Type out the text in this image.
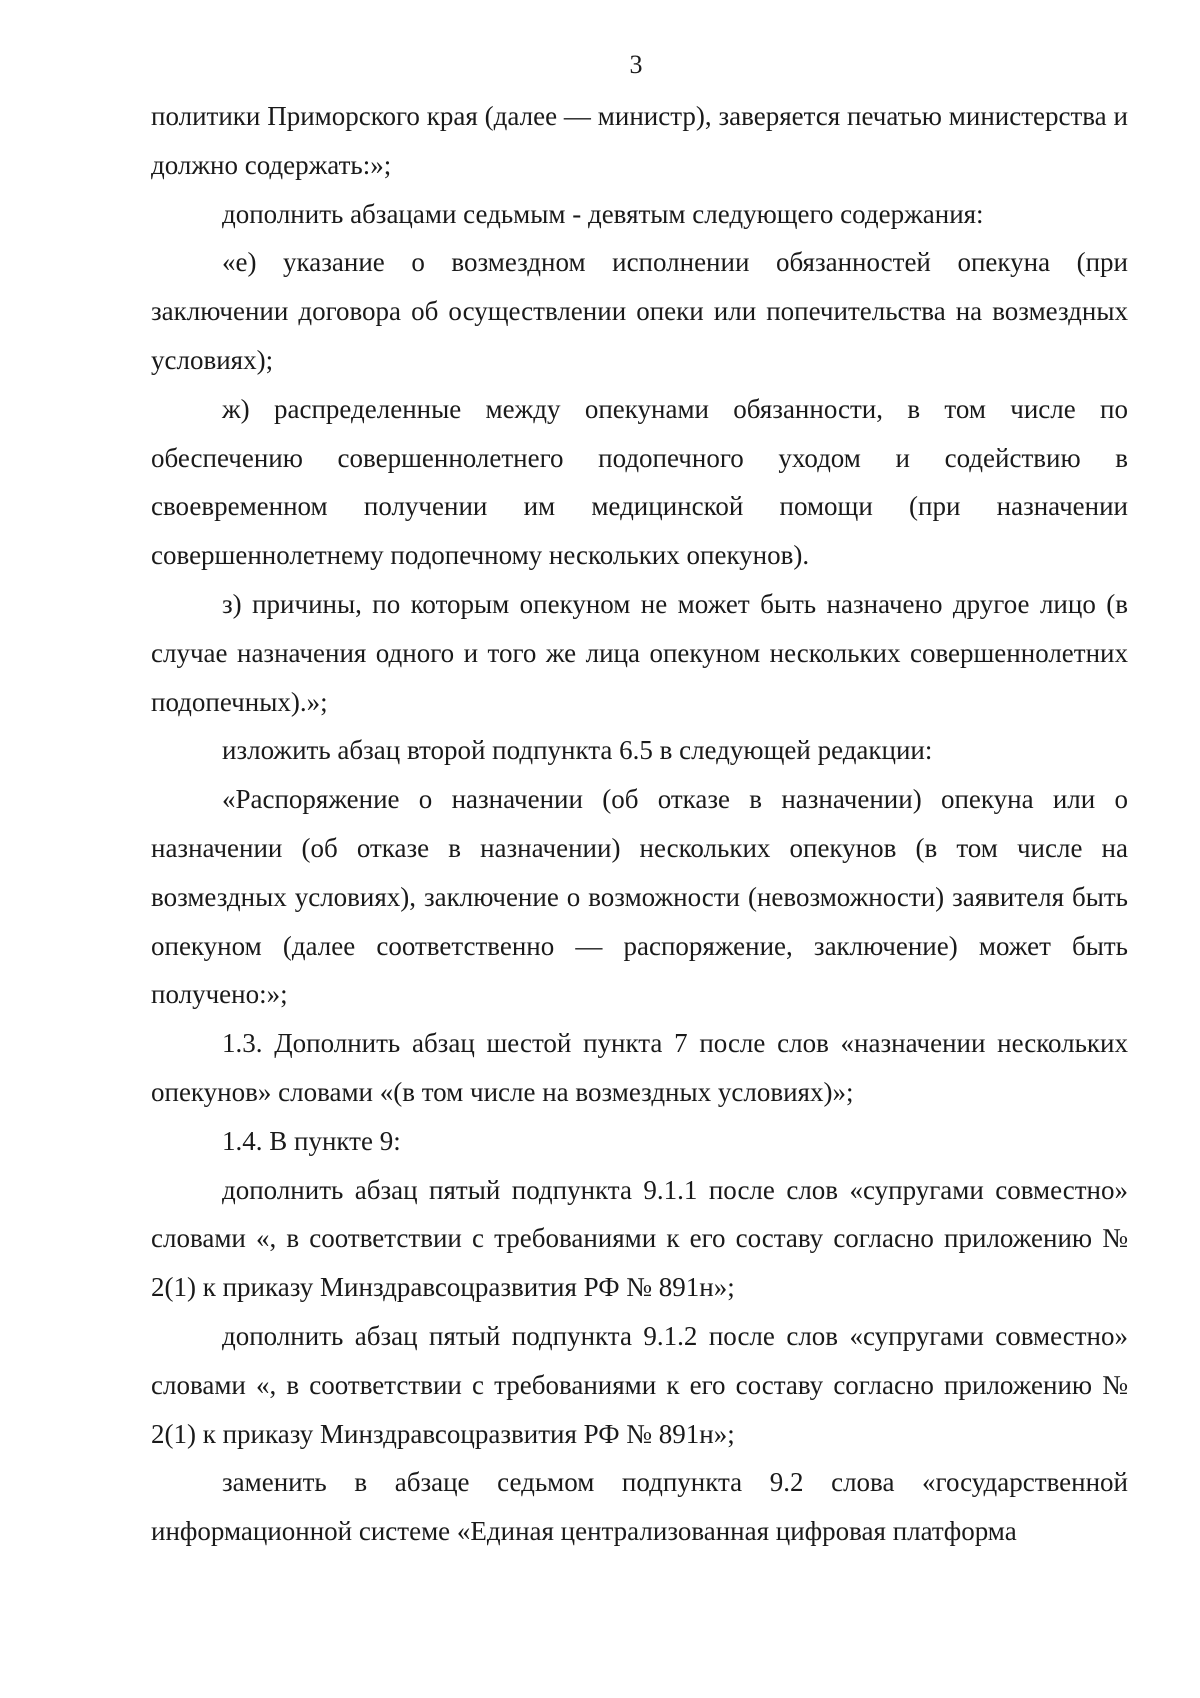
3

политики Приморского края (далее — министр), заверяется печатью министерства и должно содержать:»;

дополнить абзацами седьмым - девятым следующего содержания:

«е) указание о возмездном исполнении обязанностей опекуна (при заключении договора об осуществлении опеки или попечительства на возмездных условиях);

ж) распределенные между опекунами обязанности, в том числе по обеспечению совершеннолетнего подопечного уходом и содействию в своевременном получении им медицинской помощи (при назначении совершеннолетнему подопечному нескольких опекунов).

з) причины, по которым опекуном не может быть назначено другое лицо (в случае назначения одного и того же лица опекуном нескольких совершеннолетних подопечных).»;

изложить абзац второй подпункта 6.5 в следующей редакции:

«Распоряжение о назначении (об отказе в назначении) опекуна или о назначении (об отказе в назначении) нескольких опекунов (в том числе на возмездных условиях), заключение о возможности (невозможности) заявителя быть опекуном (далее соответственно — распоряжение, заключение) может быть получено:»;

1.3. Дополнить абзац шестой пункта 7 после слов «назначении нескольких опекунов» словами «(в том числе на возмездных условиях)»;

1.4. В пункте 9:

дополнить абзац пятый подпункта 9.1.1 после слов «супругами совместно» словами «, в соответствии с требованиями к его составу согласно приложению № 2(1) к приказу Минздравсоцразвития РФ № 891н»;

дополнить абзац пятый подпункта 9.1.2 после слов «супругами совместно» словами «, в соответствии с требованиями к его составу согласно приложению № 2(1) к приказу Минздравсоцразвития РФ № 891н»;

заменить в абзаце седьмом подпункта 9.2 слова «государственной информационной системе «Единая централизованная цифровая платформа
